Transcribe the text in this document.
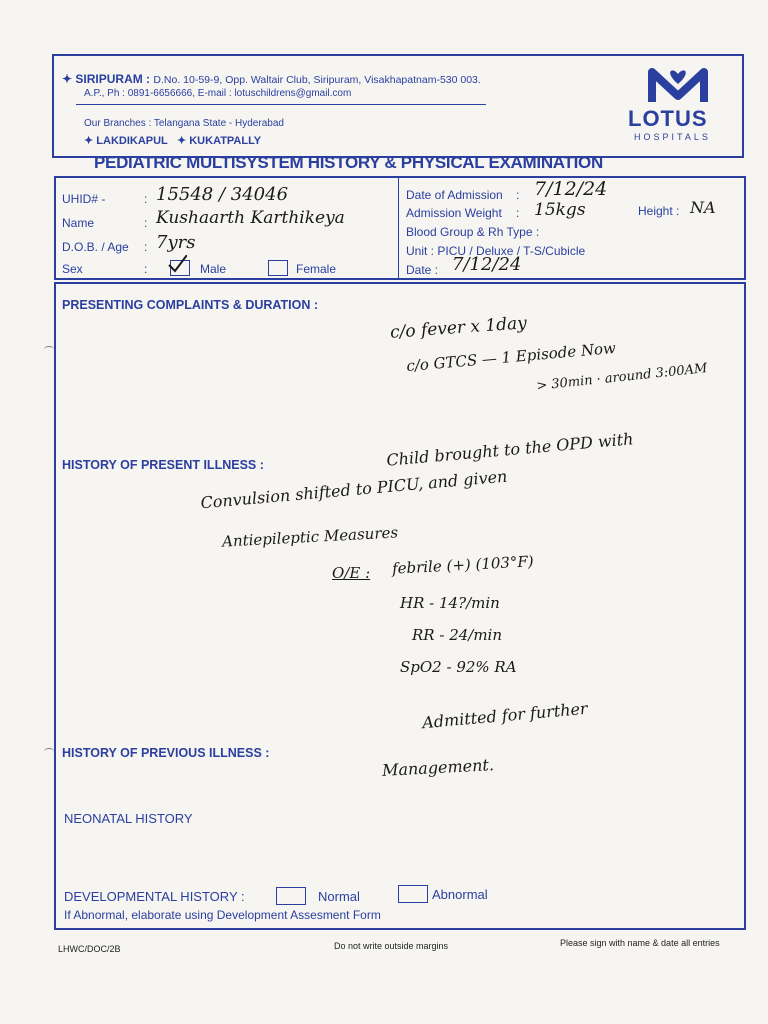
✦ SIRIPURAM : D.No. 10-59-9, Opp. Waltair Club, Siripuram, Visakhapatnam-530 003.
A.P., Ph : 0891-6656666, E-mail : lotuschildrens@gmail.com
Our Branches : Telangana State - Hyderabad
✦ LAKDIKAPUL   ✦ KUKATPALLY
LOTUS
HOSPITALS
PEDIATRIC MULTISYSTEM HISTORY & PHYSICAL EXAMINATION
UHID# -	: 15548 / 34046
Name	: Kushaarth Karthikeya
D.O.B. / Age : 7yrs
Sex	:	Male	Female
Date of Admission : 7/12/24
Admission Weight : 15kgs	Height : NA
Blood Group & Rh Type :
Unit : PICU / Deluxe / T-S/Cubicle
Date : 7/12/24
PRESENTING COMPLAINTS & DURATION :
c/o fever x 1day
c/o GTCS — 1 Episode Now
> 30min · around 3:00AM
HISTORY OF PRESENT ILLNESS :	Child brought to the OPD with
Convulsion shifted to PICU, and given
Antiepileptic Measures
O/E : febrile (+) (103°F)
HR - 14?/min
RR - 24/min
SpO2 - 92% RA
Admitted for further
Management.
HISTORY OF PREVIOUS ILLNESS :
NEONATAL HISTORY
DEVELOPMENTAL HISTORY :	Normal	Abnormal
If Abnormal, elaborate using Development Assesment Form
LHWC/DOC/2B	Do not write outside margins	Please sign with name & date all entries
